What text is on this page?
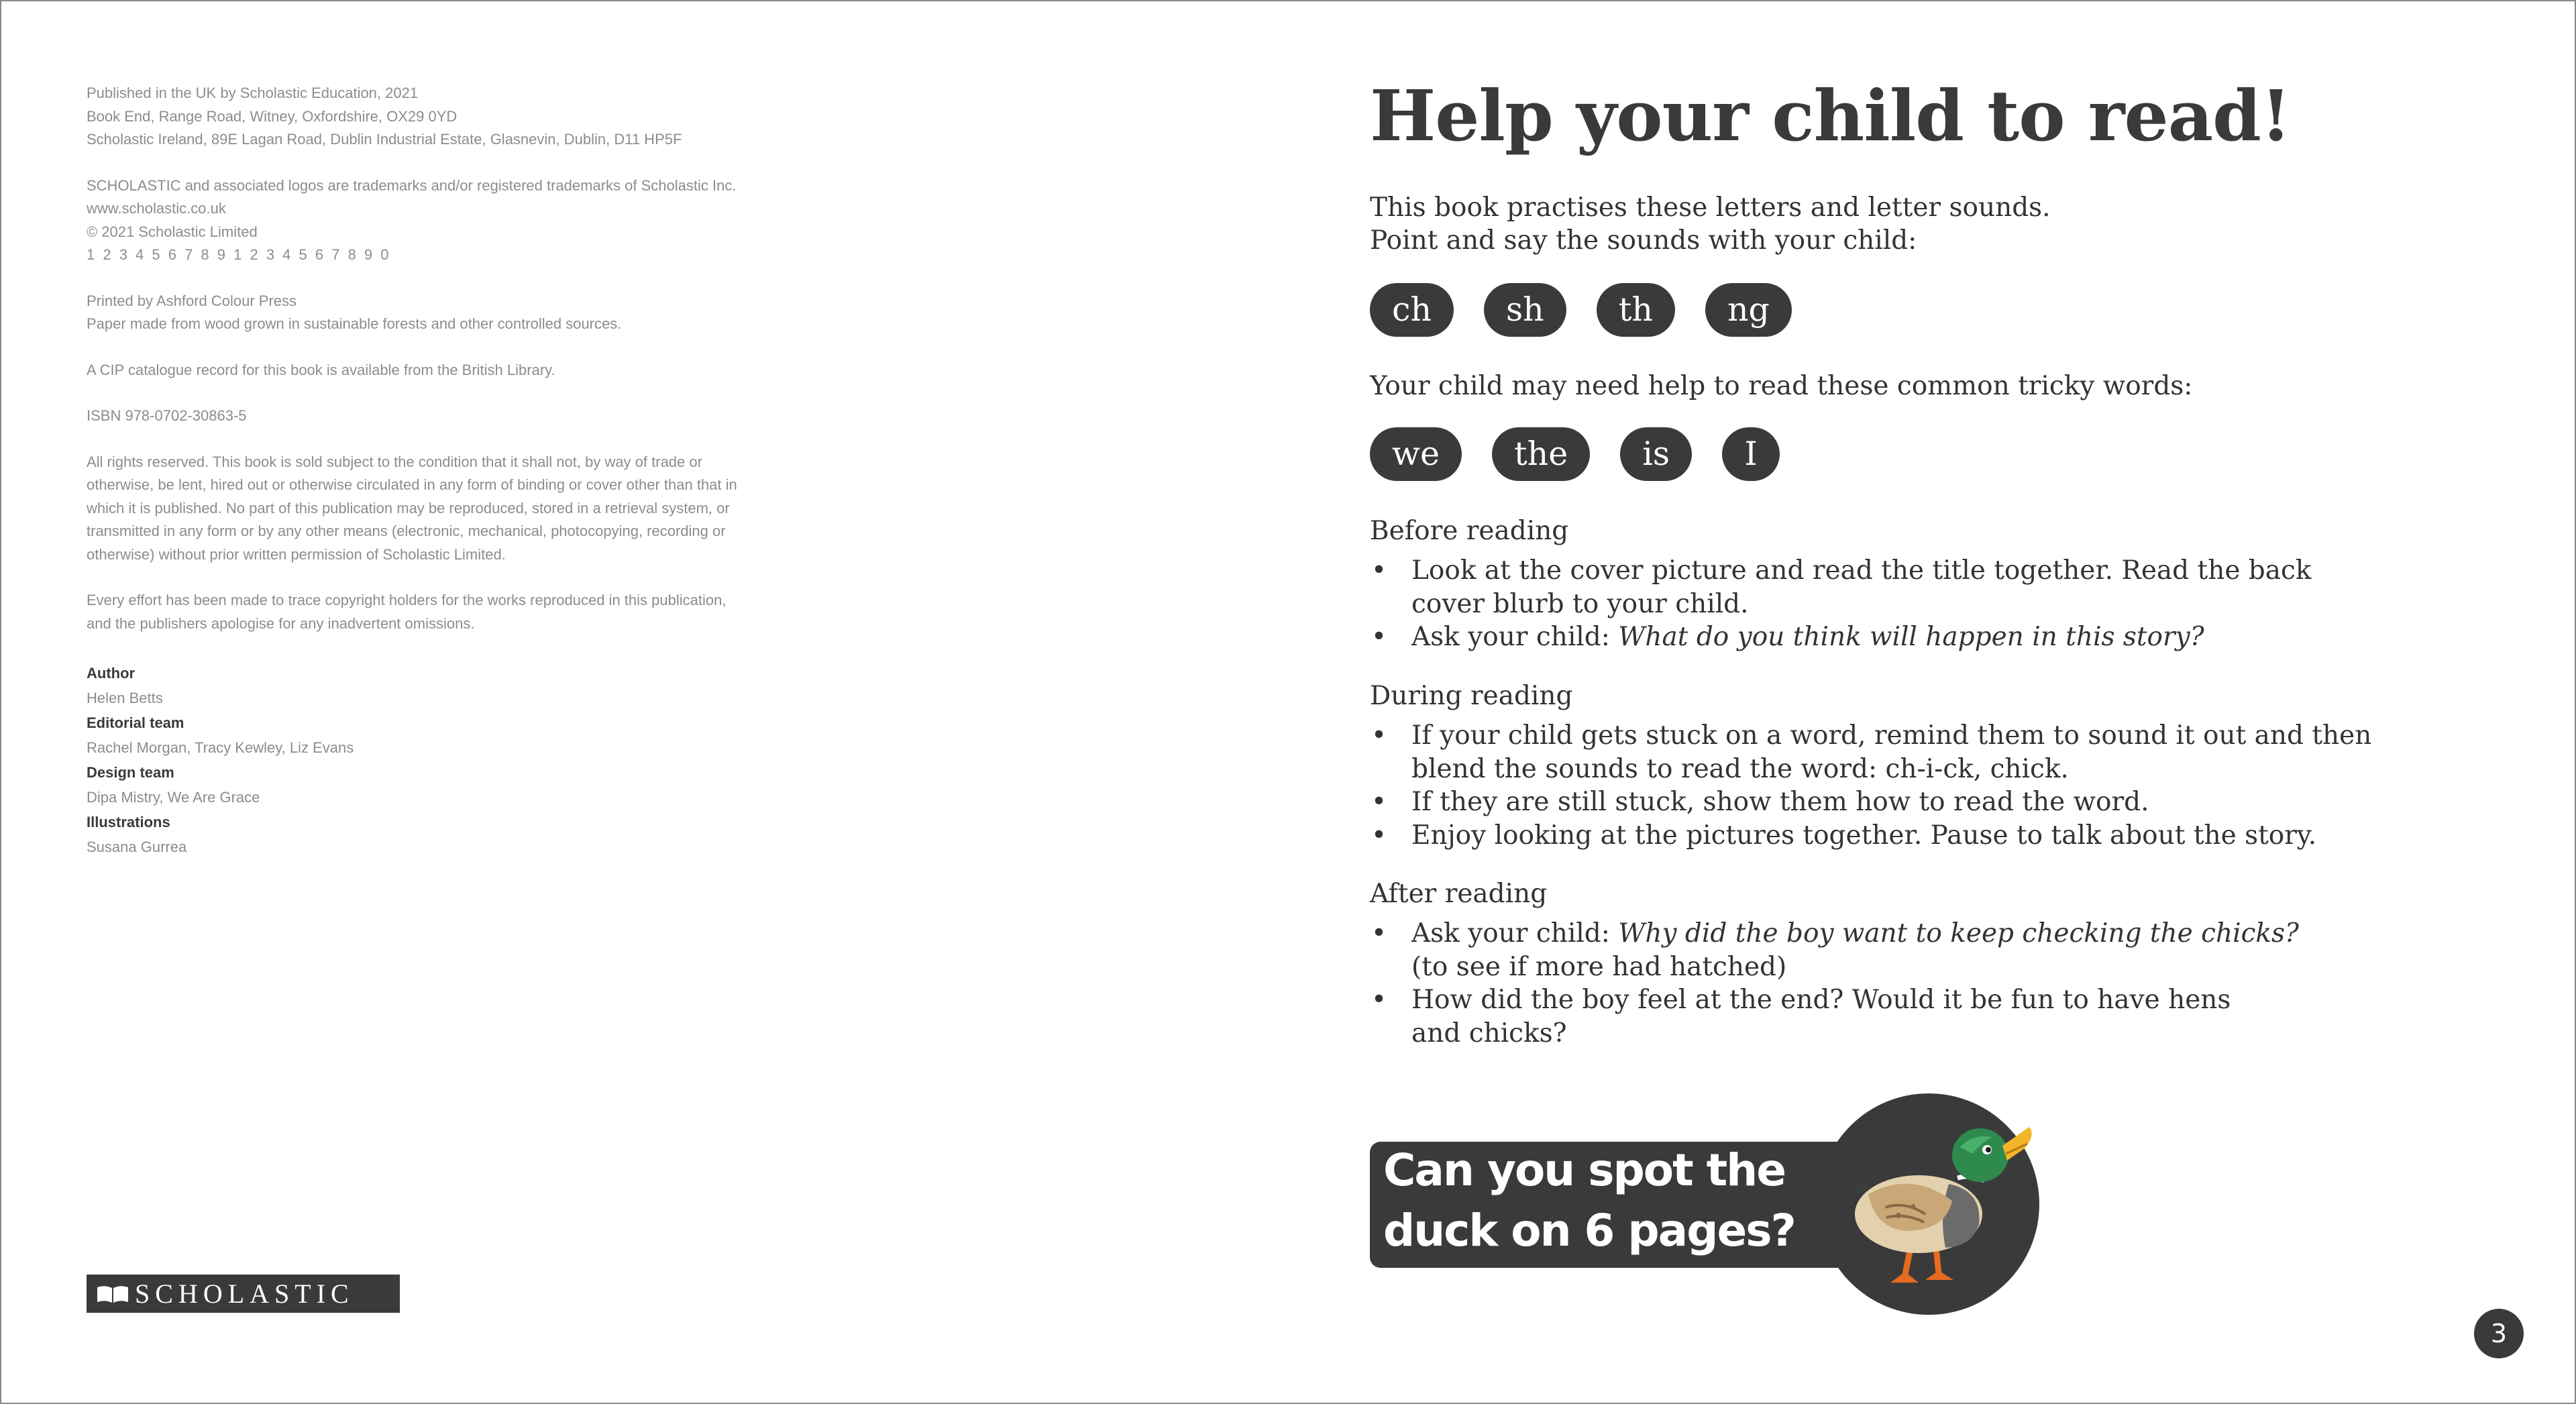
Published in the UK by Scholastic Education, 2021
Book End, Range Road, Witney, Oxfordshire, OX29 0YD
Scholastic Ireland, 89E Lagan Road, Dublin Industrial Estate, Glasnevin, Dublin, D11 HP5F
SCHOLASTIC and associated logos are trademarks and/or registered trademarks of Scholastic Inc.
www.scholastic.co.uk
© 2021 Scholastic Limited
1 2 3 4 5 6 7 8 9 1 2 3 4 5 6 7 8 9 0
Printed by Ashford Colour Press
Paper made from wood grown in sustainable forests and other controlled sources.
A CIP catalogue record for this book is available from the British Library.
ISBN 978-0702-30863-5
All rights reserved. This book is sold subject to the condition that it shall not, by way of trade or
otherwise, be lent, hired out or otherwise circulated in any form of binding or cover other than that in
which it is published. No part of this publication may be reproduced, stored in a retrieval system, or
transmitted in any form or by any other means (electronic, mechanical, photocopying, recording or
otherwise) without prior written permission of Scholastic Limited.
Every effort has been made to trace copyright holders for the works reproduced in this publication,
and the publishers apologise for any inadvertent omissions.
Author
Helen Betts
Editorial team
Rachel Morgan, Tracy Kewley, Liz Evans
Design team
Dipa Mistry, We Are Grace
Illustrations
Susana Gurrea
SCHOLASTIC
Help your child to read!
This book practises these letters and letter sounds.
Point and say the sounds with your child:
ch	sh	th	ng
Your child may need help to read these common tricky words:
we	the	is	I
Before reading
• Look at the cover picture and read the title together. Read the back
cover blurb to your child.
• Ask your child: What do you think will happen in this story?
During reading
• If your child gets stuck on a word, remind them to sound it out and then
blend the sounds to read the word: ch-i-ck, chick.
• If they are still stuck, show them how to read the word.
• Enjoy looking at the pictures together. Pause to talk about the story.
After reading
• Ask your child: Why did the boy want to keep checking the chicks?
(to see if more had hatched)
• How did the boy feel at the end? Would it be fun to have hens
and chicks?
Can you spot the
duck on 6 pages?
3
